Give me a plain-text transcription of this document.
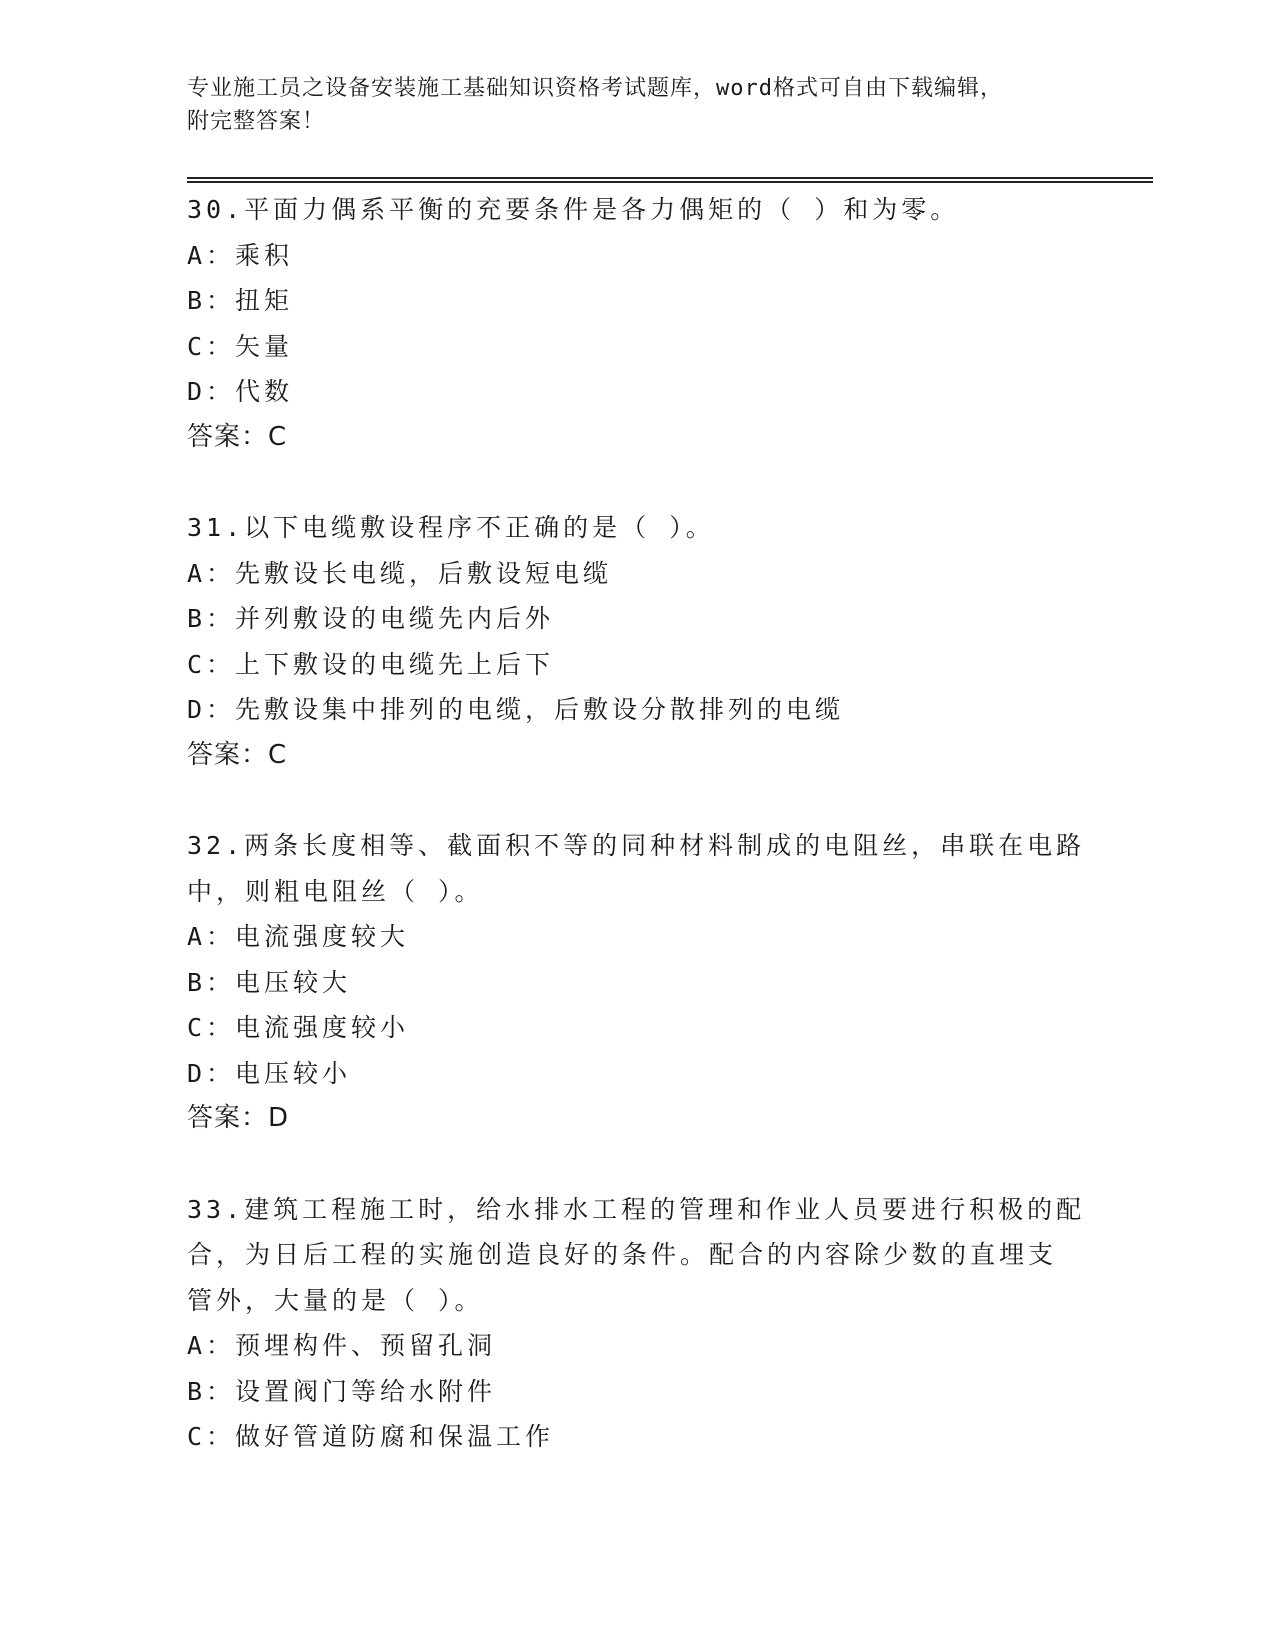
专业施工员之设备安装施工基础知识资格考试题库，word格式可自由下载编辑，
附完整答案！
30.平面力偶系平衡的充要条件是各力偶矩的（ ）和为零。
A：乘积
B：扭矩
C：矢量
D：代数
答案：C
31.以下电缆敷设程序不正确的是（ ）。
A：先敷设长电缆，后敷设短电缆
B：并列敷设的电缆先内后外
C：上下敷设的电缆先上后下
D：先敷设集中排列的电缆，后敷设分散排列的电缆
答案：C
32.两条长度相等、截面积不等的同种材料制成的电阻丝，串联在电路
中，则粗电阻丝（ ）。
A：电流强度较大
B：电压较大
C：电流强度较小
D：电压较小
答案：D
33.建筑工程施工时，给水排水工程的管理和作业人员要进行积极的配
合，为日后工程的实施创造良好的条件。配合的内容除少数的直埋支
管外，大量的是（ ）。
A：预埋构件、预留孔洞
B：设置阀门等给水附件
C：做好管道防腐和保温工作
